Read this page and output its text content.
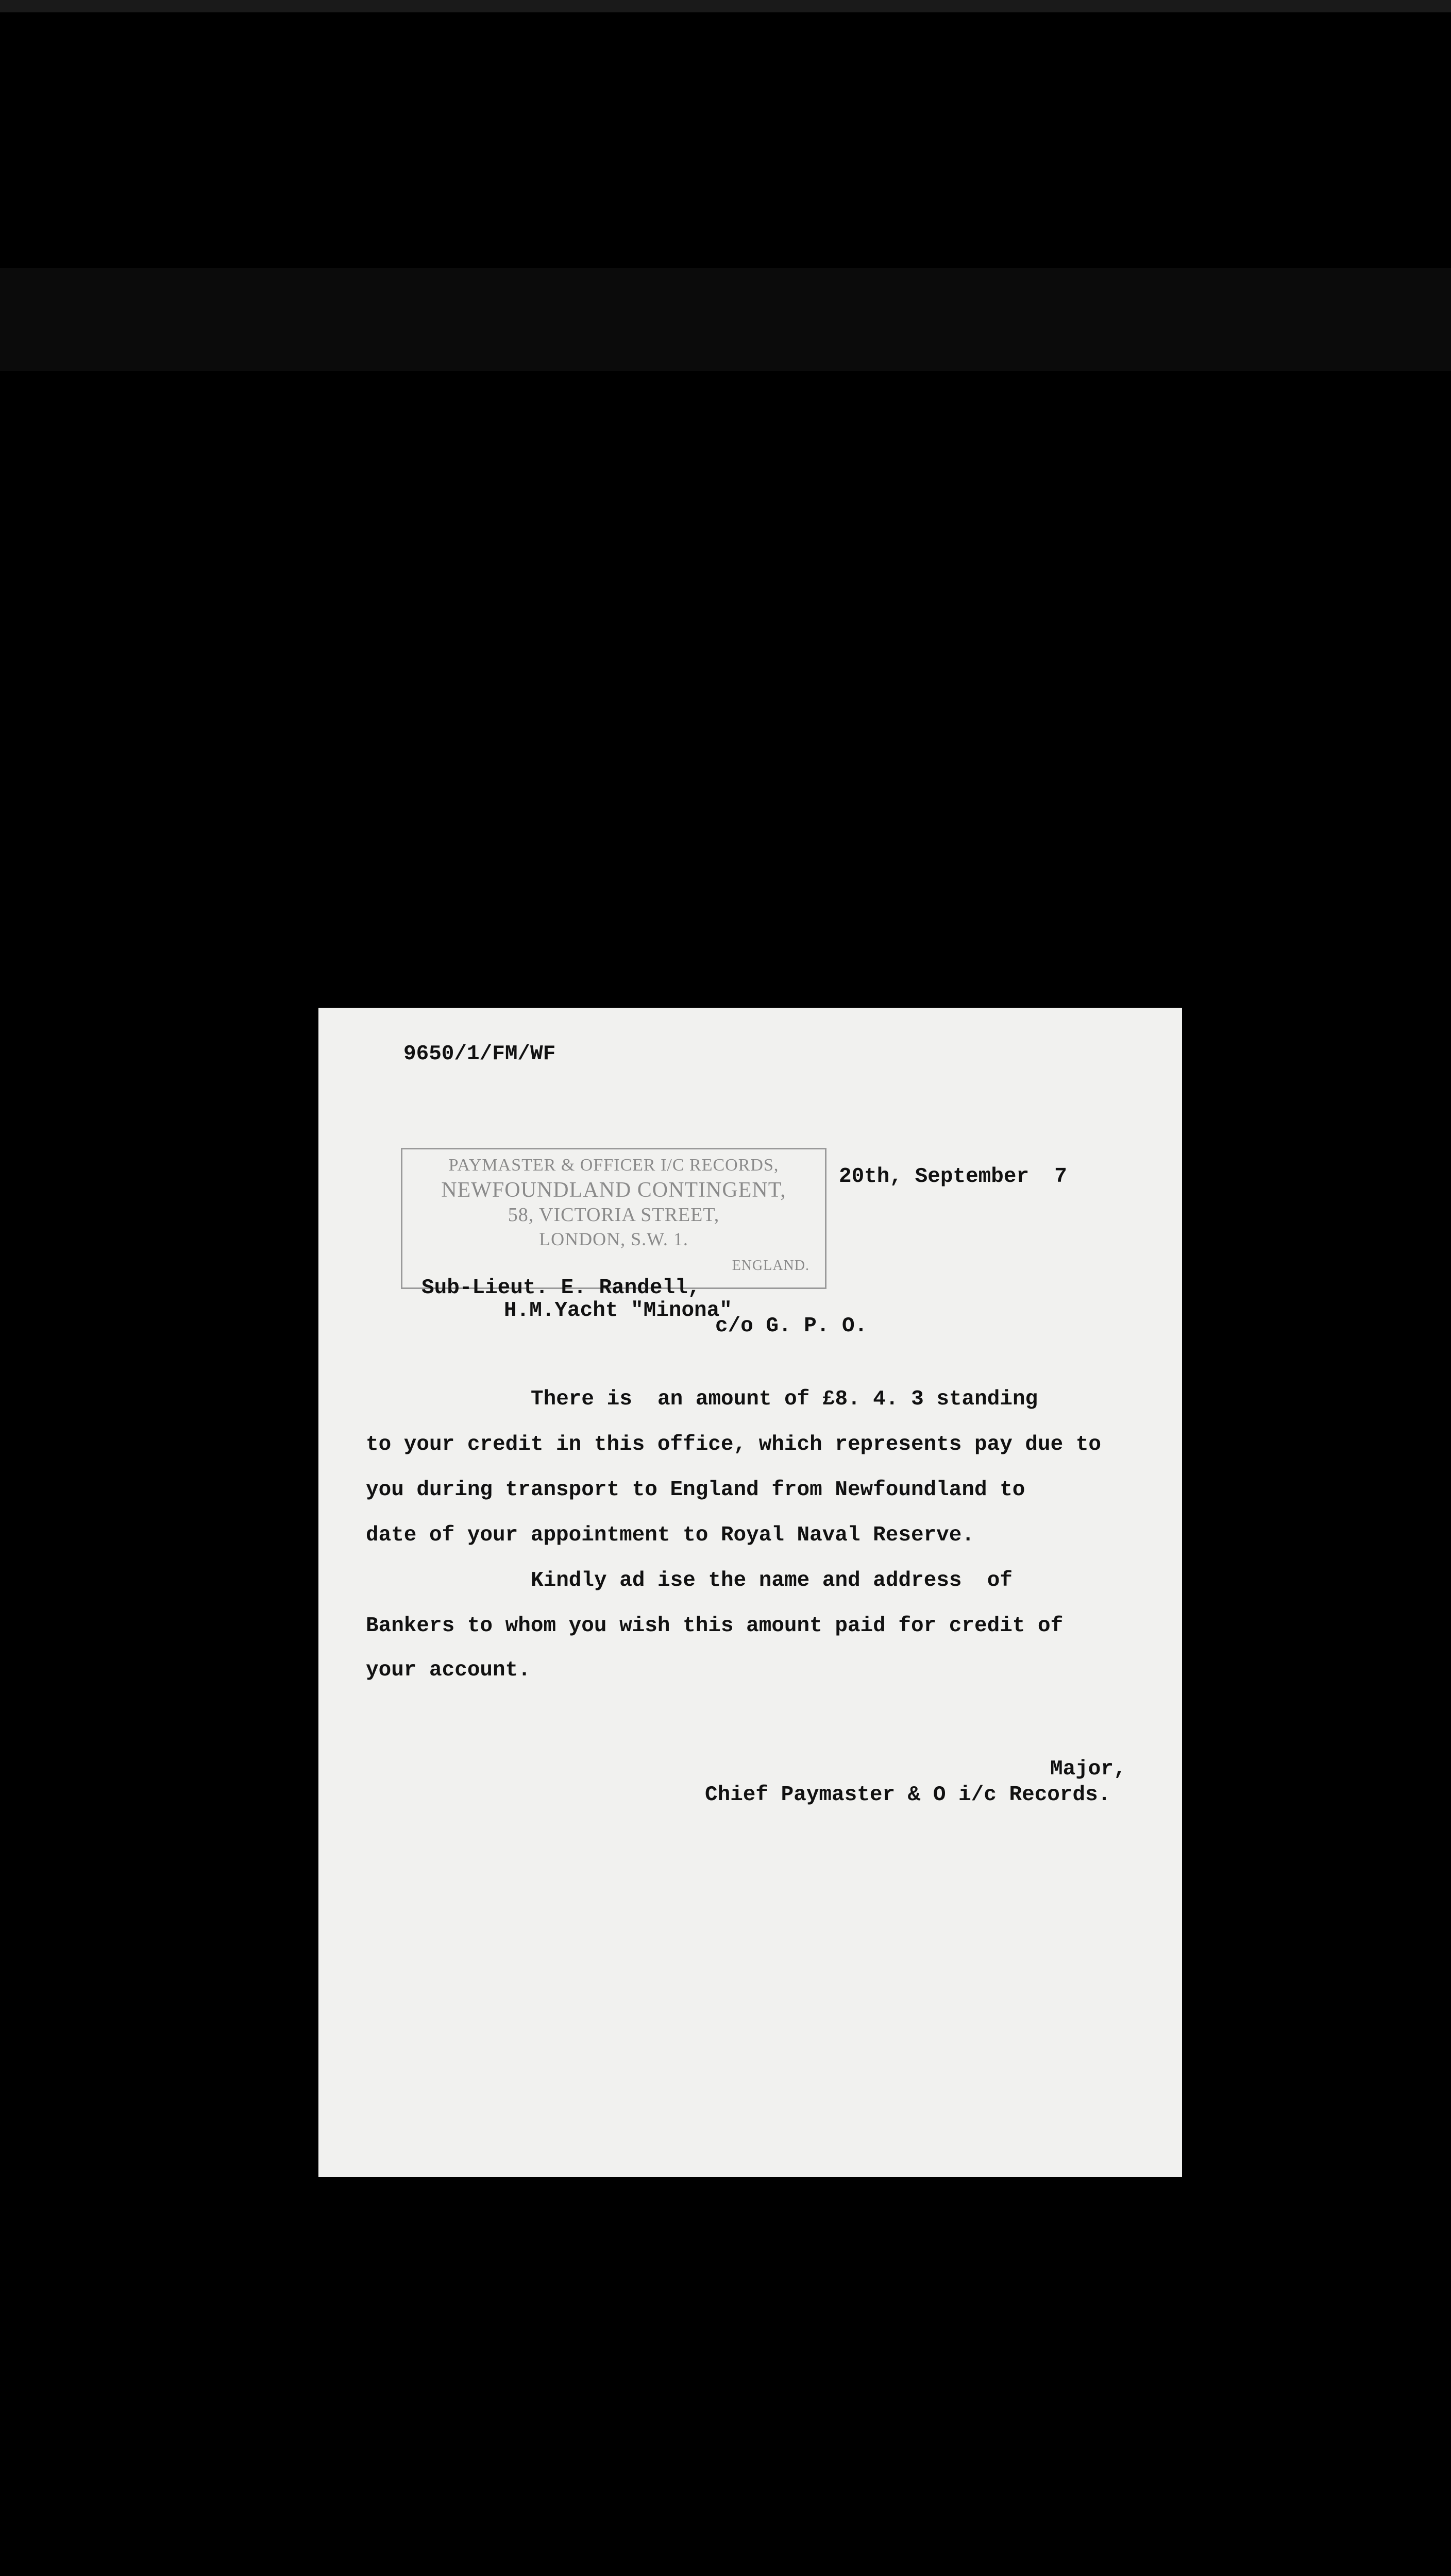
9650/1/FM/WF
PAYMASTER & OFFICER I/C RECORDS,
NEWFOUNDLAND CONTINGENT,
58, VICTORIA STREET,
LONDON, S.W. 1.
ENGLAND.
20th, September  7
Sub-Lieut. E. Randell,
H.M.Yacht "Minona"
c/o G. P. O.
There is  an amount of £8. 4. 3 standing
to your credit in this office, which represents pay due to
you during transport to England from Newfoundland to
date of your appointment to Royal Naval Reserve.
Kindly ad ise the name and address  of
Bankers to whom you wish this amount paid for credit of
your account.
Major,
Chief Paymaster & O i/c Records.
